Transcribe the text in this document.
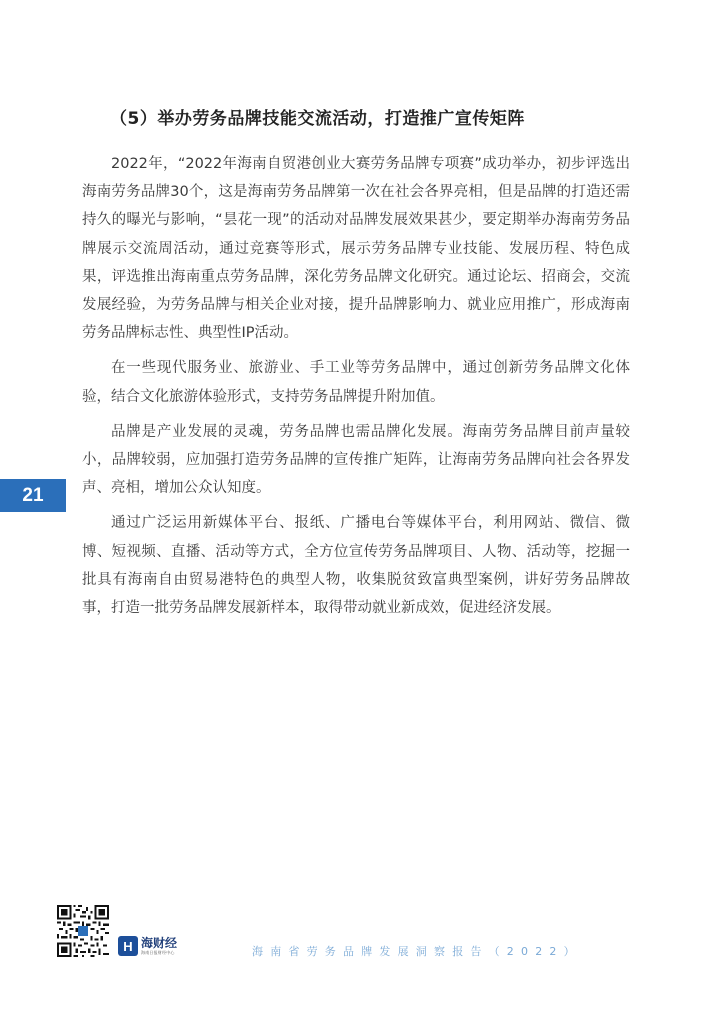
（5）举办劳务品牌技能交流活动，打造推广宣传矩阵

2022年，“2022年海南自贸港创业大赛劳务品牌专项赛”成功举办，初步评选出海南劳务品牌30个，这是海南劳务品牌第一次在社会各界亮相，但是品牌的打造还需持久的曝光与影响，“昙花一现”的活动对品牌发展效果甚少，要定期举办海南劳务品牌展示交流周活动，通过竞赛等形式，展示劳务品牌专业技能、发展历程、特色成果，评选推出海南重点劳务品牌，深化劳务品牌文化研究。通过论坛、招商会，交流发展经验，为劳务品牌与相关企业对接，提升品牌影响力、就业应用推广，形成海南劳务品牌标志性、典型性IP活动。

在一些现代服务业、旅游业、手工业等劳务品牌中，通过创新劳务品牌文化体验，结合文化旅游体验形式，支持劳务品牌提升附加值。

品牌是产业发展的灵魂，劳务品牌也需品牌化发展。海南劳务品牌目前声量较小，品牌较弱，应加强打造劳务品牌的宣传推广矩阵，让海南劳务品牌向社会各界发声、亮相，增加公众认知度。

通过广泛运用新媒体平台、报纸、广播电台等媒体平台，利用网站、微信、微博、短视频、直播、活动等方式，全方位宣传劳务品牌项目、人物、活动等，挖掘一批具有海南自由贸易港特色的典型人物，收集脱贫致富典型案例，讲好劳务品牌故事，打造一批劳务品牌发展新样本，取得带动就业新成效，促进经济发展。

21
H 海财经
海南日报财经中心	海南省劳务品牌发展洞察报告（2022）
